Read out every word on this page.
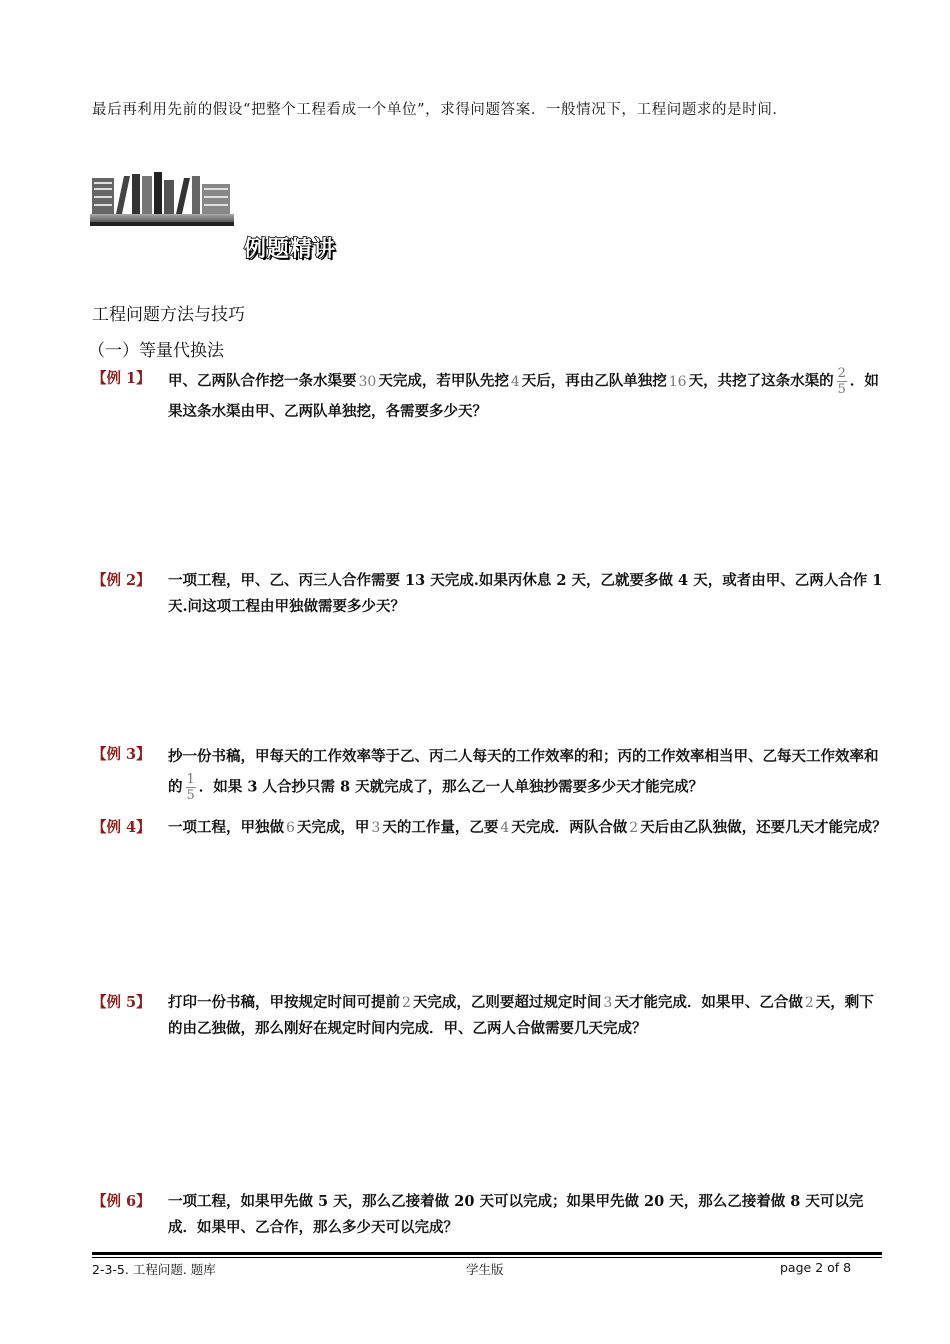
最后再利用先前的假设“把整个工程看成一个单位”，求得问题答案．一般情况下，工程问题求的是时间．
例题精讲
工程问题方法与技巧
（一）等量代换法
【例 1】 甲、乙两队合作挖一条水渠要 30 天完成，若甲队先挖 4 天后，再由乙队单独挖 16 天，共挖了这条水渠的 $\frac{2}{5}$ ．如果这条水渠由甲、乙两队单独挖，各需要多少天？
【例 2】 一项工程，甲、乙、丙三人合作需要 13 天完成.如果丙休息 2 天，乙就要多做 4 天，或者由甲、乙两人合作 1 天.问这项工程由甲独做需要多少天？
【例 3】 抄一份书稿，甲每天的工作效率等于乙、丙二人每天的工作效率的和；丙的工作效率相当甲、乙每天工作效率和的 $\frac{1}{5}$ ．如果 3 人合抄只需 8 天就完成了，那么乙一人单独抄需要多少天才能完成？
【例 4】 一项工程，甲独做 6 天完成，甲 3 天的工作量，乙要 4 天完成．两队合做 2 天后由乙队独做，还要几天才能完成？
【例 5】 打印一份书稿，甲按规定时间可提前 2 天完成，乙则要超过规定时间 3 天才能完成．如果甲、乙合做 2 天，剩下的由乙独做，那么刚好在规定时间内完成．甲、乙两人合做需要几天完成？
【例 6】 一项工程，如果甲先做 5 天，那么乙接着做 20 天可以完成；如果甲先做 20 天，那么乙接着做 8 天可以完成．如果甲、乙合作，那么多少天可以完成？
2-3-5. 工程问题. 题库	学生版	page 2 of 8
